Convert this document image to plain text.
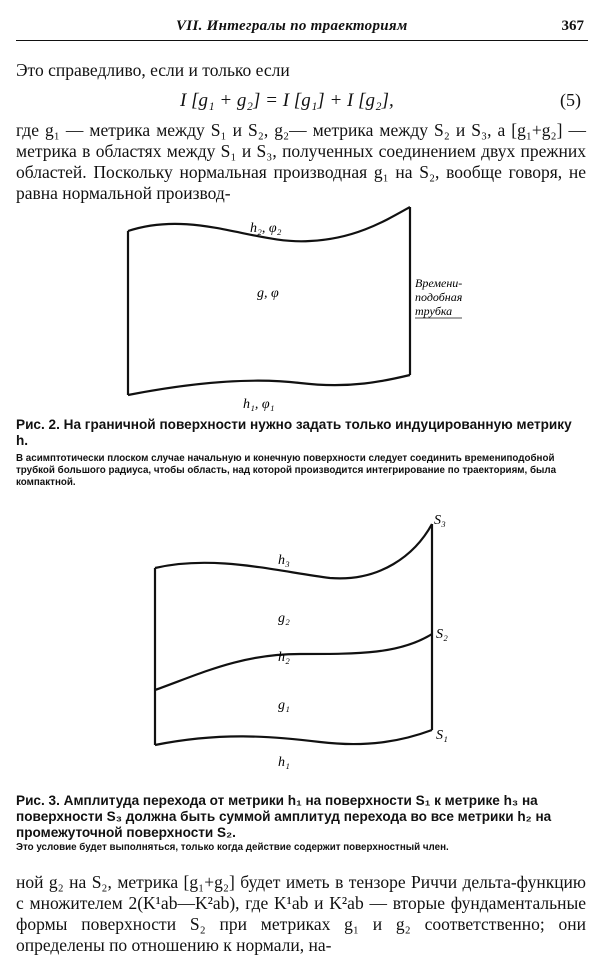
VII. Интегралы по траекториям	367

Это справедливо, если и только если

I [g₁ + g₂] = I [g₁] + I [g₂],	(5)

где g₁ — метрика между S₁ и S₂, g₂— метрика между S₂ и S₃, а [g₁+g₂] — метрика в областях между S₁ и S₃, полученных соединением двух прежних областей. Поскольку нормальная производная g₁ на S₂, вообще говоря, не равна нормальной производ-

h₂, φ₂
g, φ
h₁, φ₁
Времени-
подобная
трубка

Рис. 2. На граничной поверхности нужно задать только индуцированную метрику h.

В асимптотически плоском случае начальную и конечную поверхности следует соединить времениподобной трубкой большого радиуса, чтобы область, над которой производится интегрирование по траекториям, была компактной.

S₃
S₂
S₁
h₃
g₂
h₂
g₁
h₁

Рис. 3. Амплитуда перехода от метрики h₁ на поверхности S₁ к метрике h₃ на поверхности S₃ должна быть суммой амплитуд перехода во все метрики h₂ на промежуточной поверхности S₂.

Это условие будет выполняться, только когда действие содержит поверхностный член.

ной g₂ на S₂, метрика [g₁+g₂] будет иметь в тензоре Риччи дельта-функцию с множителем 2(K¹ab—K²ab), где K¹ab и K²ab — вторые фундаментальные формы поверхности S₂ при метриках g₁ и g₂ соответственно; они определены по отношению к нормали, на-
